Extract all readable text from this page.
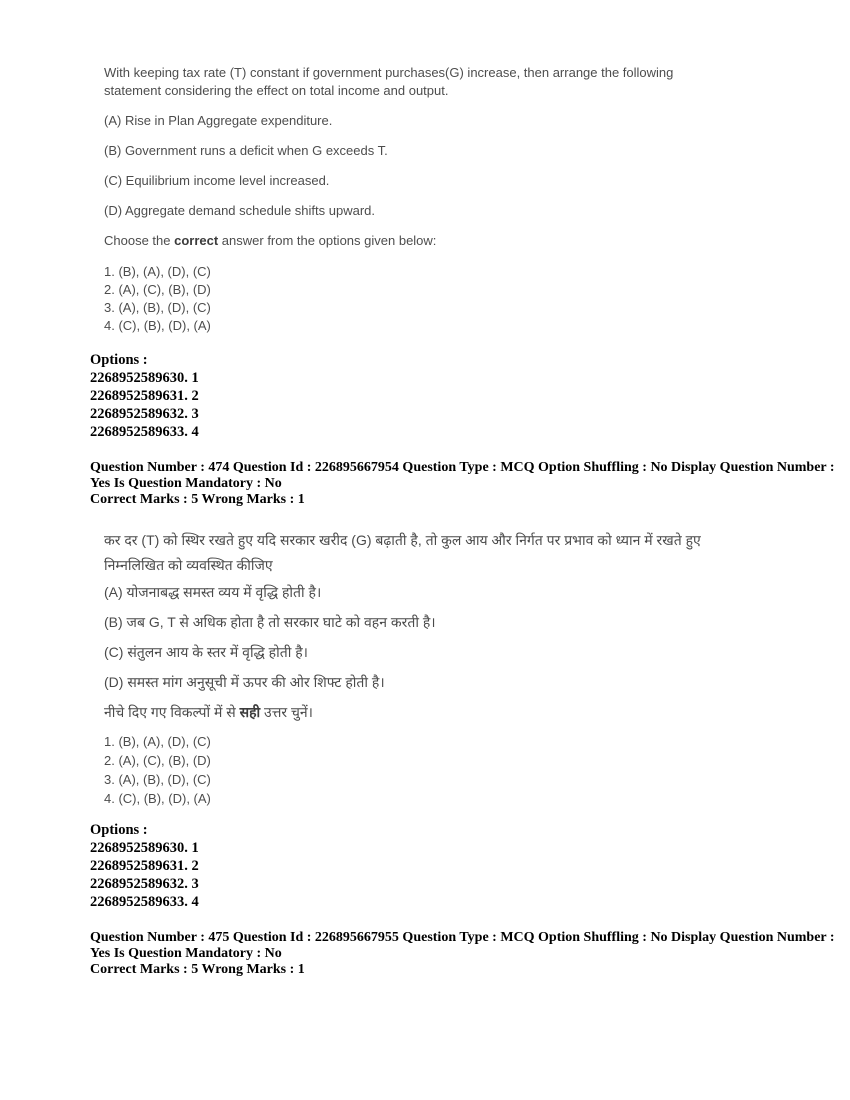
With keeping tax rate (T) constant if government purchases(G) increase, then arrange the following statement considering the effect on total income and output.

(A) Rise in Plan Aggregate expenditure.

(B) Government runs a deficit when G exceeds T.

(C) Equilibrium income level increased.

(D) Aggregate demand schedule shifts upward.

Choose the correct answer from the options given below:

1. (B), (A), (D), (C)
2. (A), (C), (B), (D)
3. (A), (B), (D), (C)
4. (C), (B), (D), (A)
Options :
2268952589630. 1
2268952589631. 2
2268952589632. 3
2268952589633. 4
Question Number : 474 Question Id : 226895667954 Question Type : MCQ Option Shuffling : No Display Question Number : Yes Is Question Mandatory : No
Correct Marks : 5 Wrong Marks : 1

कर दर (T) को स्थिर रखते हुए यदि सरकार खरीद (G) बढ़ाती है, तो कुल आय और निर्गत पर प्रभाव को ध्यान में रखते हुए निम्नलिखित को व्यवस्थित कीजिए

(A) योजनाबद्ध समस्त व्यय में वृद्धि होती है।

(B) जब G, T से अधिक होता है तो सरकार घाटे को वहन करती है।

(C) संतुलन आय के स्तर में वृद्धि होती है।

(D) समस्त मांग अनुसूची में ऊपर की ओर शिफ्ट होती है।

नीचे दिए गए विकल्पों में से सही उत्तर चुनें।

1. (B), (A), (D), (C)
2. (A), (C), (B), (D)
3. (A), (B), (D), (C)
4. (C), (B), (D), (A)
Options :
2268952589630. 1
2268952589631. 2
2268952589632. 3
2268952589633. 4
Question Number : 475 Question Id : 226895667955 Question Type : MCQ Option Shuffling : No Display Question Number : Yes Is Question Mandatory : No
Correct Marks : 5 Wrong Marks : 1
